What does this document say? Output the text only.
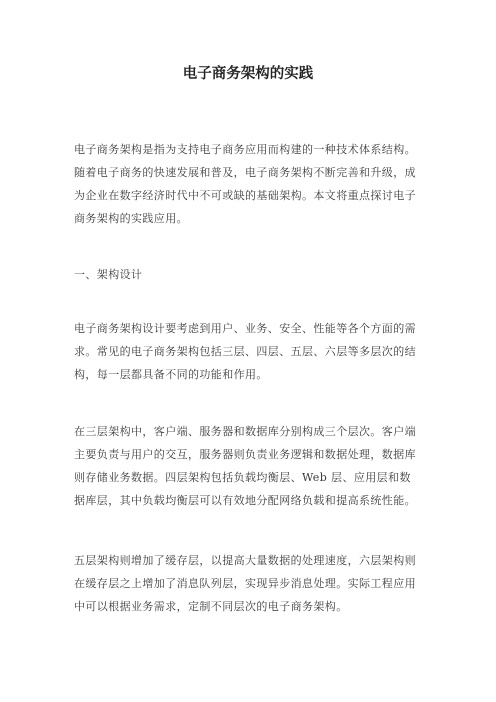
电子商务架构的实践

电子商务架构是指为支持电子商务应用而构建的一种技术体系结构。随着电子商务的快速发展和普及，电子商务架构不断完善和升级，成为企业在数字经济时代中不可或缺的基础架构。本文将重点探讨电子商务架构的实践应用。

一、架构设计

电子商务架构设计要考虑到用户、业务、安全、性能等各个方面的需求。常见的电子商务架构包括三层、四层、五层、六层等多层次的结构，每一层都具备不同的功能和作用。

在三层架构中，客户端、服务器和数据库分别构成三个层次。客户端主要负责与用户的交互，服务器则负责业务逻辑和数据处理，数据库则存储业务数据。四层架构包括负载均衡层、Web 层、应用层和数据库层，其中负载均衡层可以有效地分配网络负载和提高系统性能。

五层架构则增加了缓存层，以提高大量数据的处理速度，六层架构则在缓存层之上增加了消息队列层，实现异步消息处理。实际工程应用中可以根据业务需求，定制不同层次的电子商务架构。
